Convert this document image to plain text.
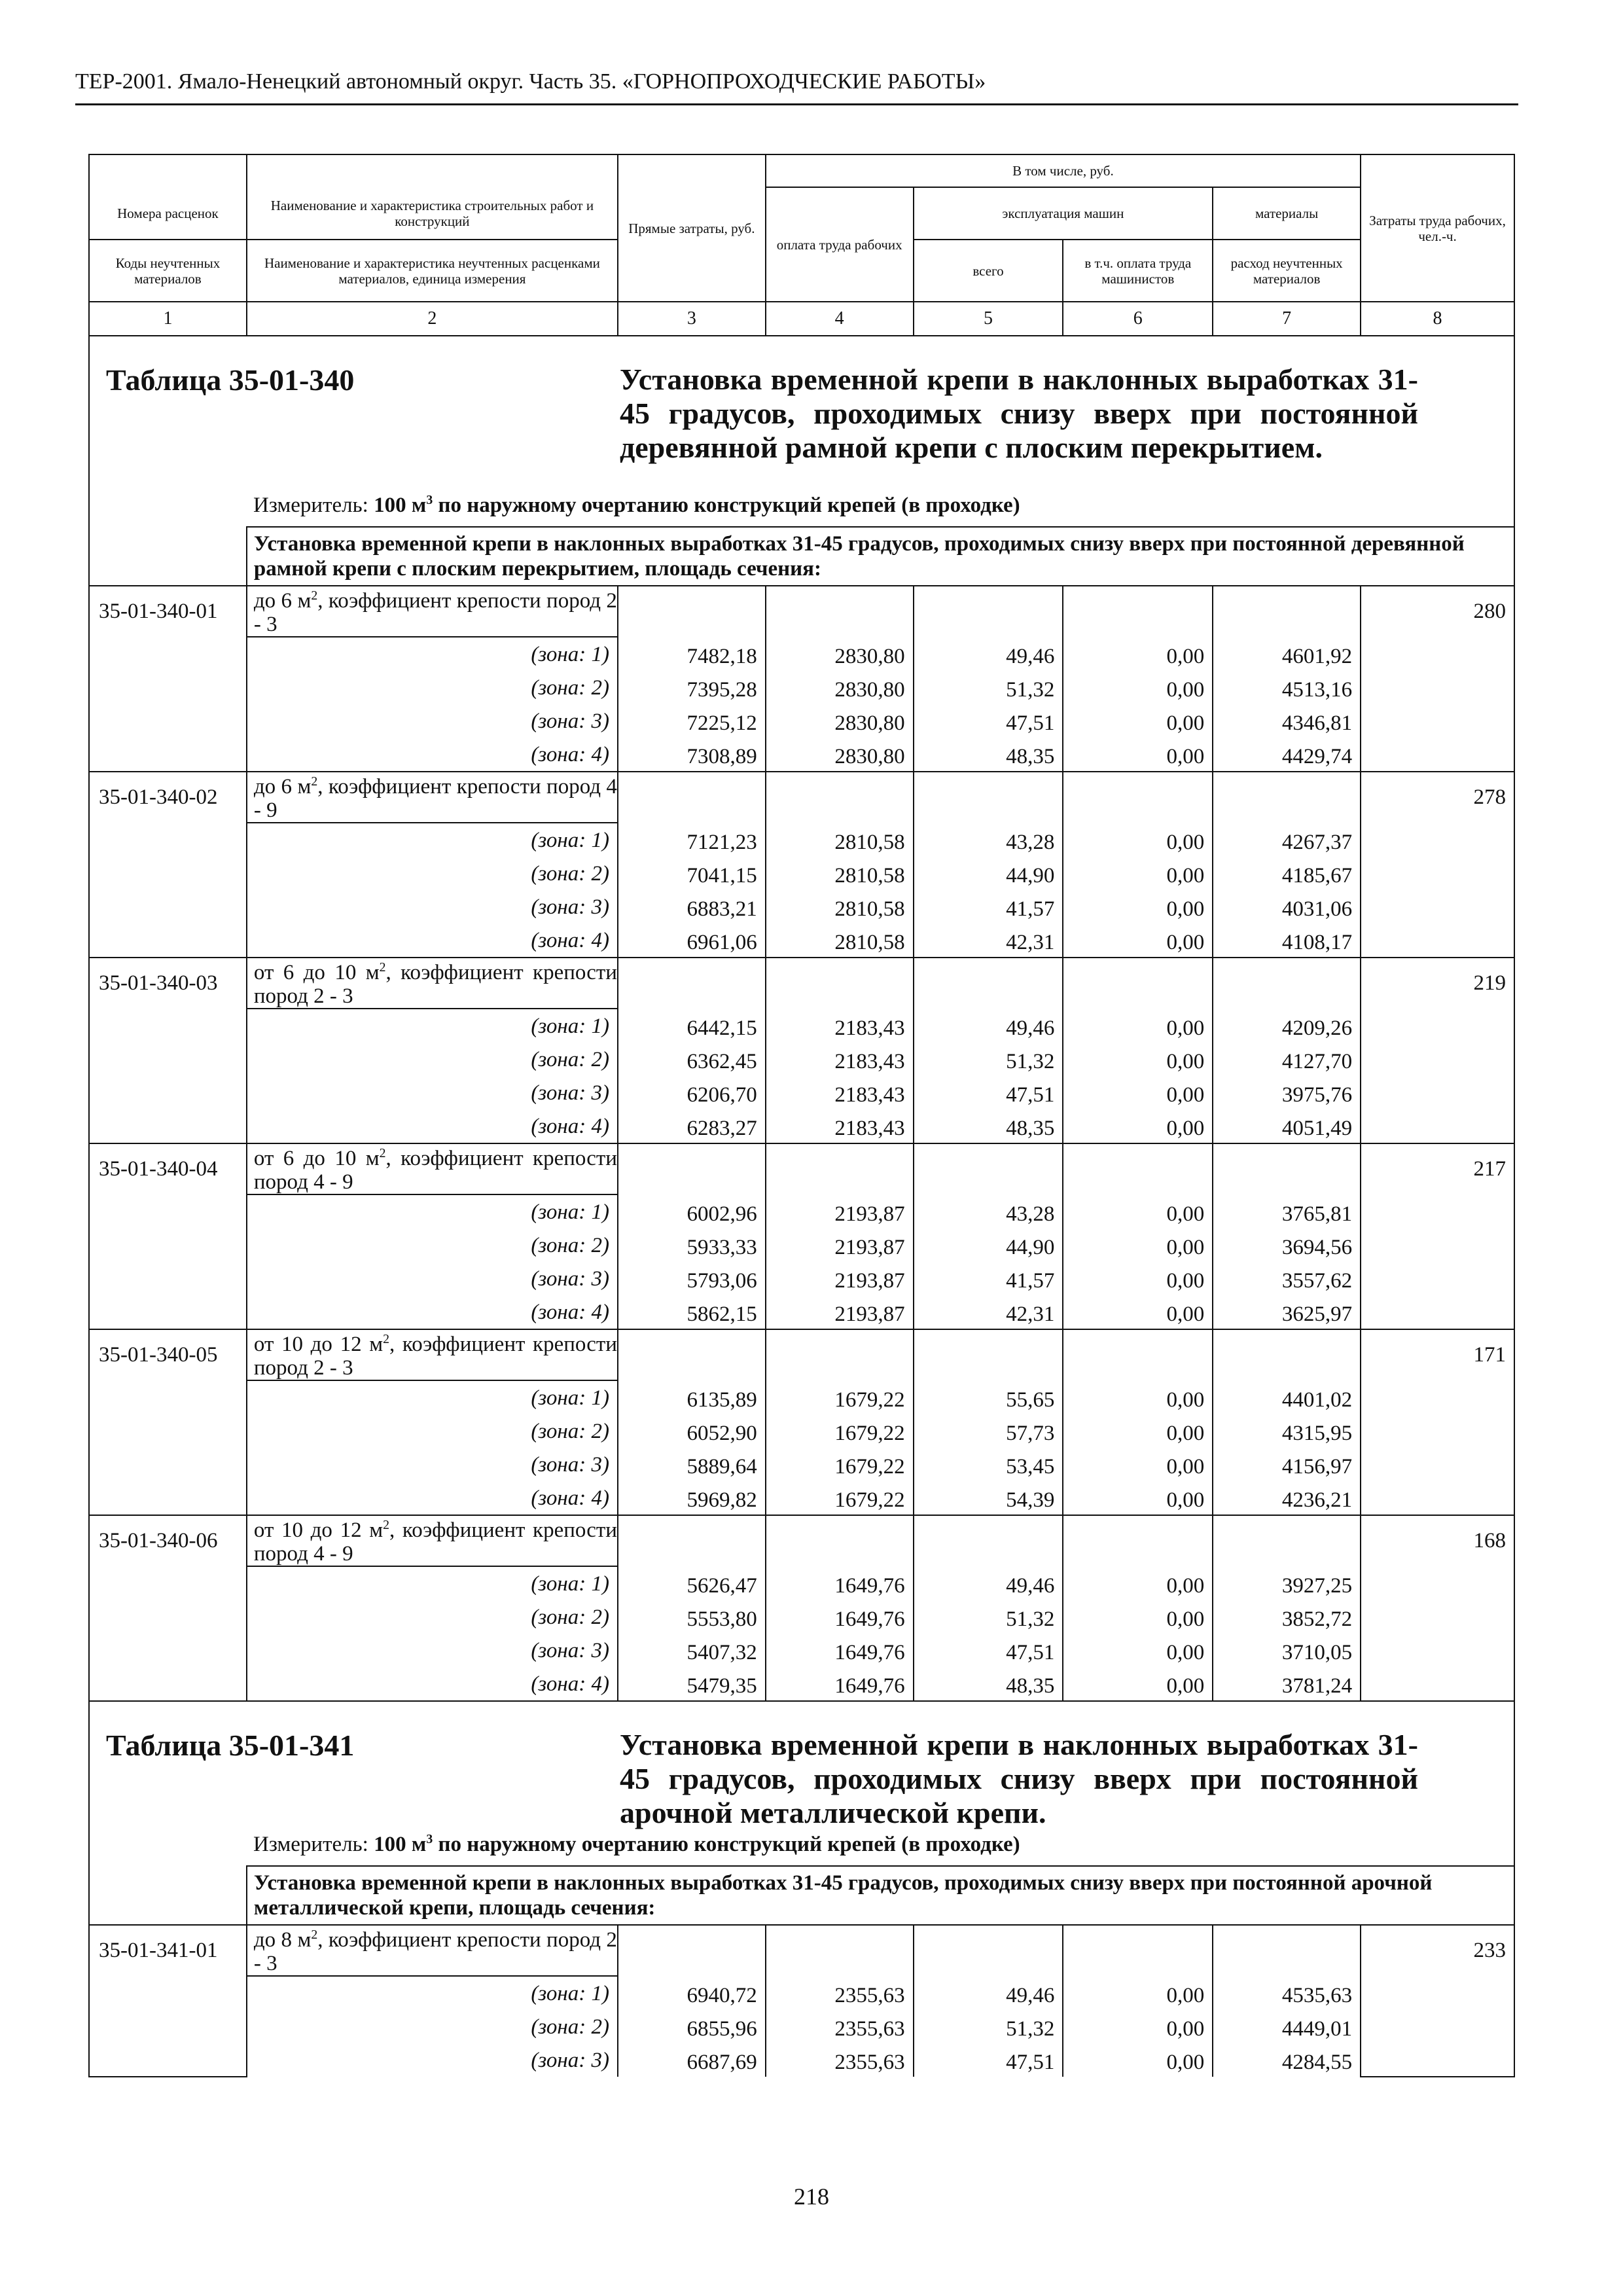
ТЕР-2001. Ямало-Ненецкий автономный округ. Часть 35. «ГОРНОПРОХОДЧЕСКИЕ РАБОТЫ»
		Прямые затраты, руб.	В том числе, руб.				Затраты труда рабочих, чел.-ч.
Номера расценок	Наименование и характеристика строительных работ и конструкций		оплата труда рабочих	эксплуатация машин		материалы	
Коды неучтенных материалов	Наименование и характеристика неучтенных расценками материалов, единица измерения			всего	в т.ч. оплата труда машинистов	расход неучтенных материалов	
1	2	3	4	5	6	7	8

Таблица 35-01-340 Установка временной крепи в наклонных выработках 31-45 градусов, проходимых снизу вверх при постоянной деревянной рамной крепи с плоским перекрытием.
Измеритель: 100 $м^3$ по наружному очертанию конструкций крепей (в проходке)							

	Установка временной крепи в наклонных выработках 31-45 градусов, проходимых снизу вверх при постоянной деревянной рамной крепи с плоским перекрытием, площадь сечения:						
35-01-340-01	до 6 $м^2$, коэффициент крепости пород 2 - 3						280
	(зона: 1)	7482,18	2830,80	49,46	0,00	4601,92	
	(зона: 2)	7395,28	2830,80	51,32	0,00	4513,16	
	(зона: 3)	7225,12	2830,80	47,51	0,00	4346,81	
	(зона: 4)	7308,89	2830,80	48,35	0,00	4429,74	
35-01-340-02	до 6 $м^2$, коэффициент крепости пород 4 - 9						278
	(зона: 1)	7121,23	2810,58	43,28	0,00	4267,37	
	(зона: 2)	7041,15	2810,58	44,90	0,00	4185,67	
	(зона: 3)	6883,21	2810,58	41,57	0,00	4031,06	
	(зона: 4)	6961,06	2810,58	42,31	0,00	4108,17	
35-01-340-03	от 6 до 10 $м^2$, коэффициент крепости пород 2 - 3						219
	(зона: 1)	6442,15	2183,43	49,46	0,00	4209,26	
	(зона: 2)	6362,45	2183,43	51,32	0,00	4127,70	
	(зона: 3)	6206,70	2183,43	47,51	0,00	3975,76	
	(зона: 4)	6283,27	2183,43	48,35	0,00	4051,49	
35-01-340-04	от 6 до 10 $м^2$, коэффициент крепости пород 4 - 9						217
	(зона: 1)	6002,96	2193,87	43,28	0,00	3765,81	
	(зона: 2)	5933,33	2193,87	44,90	0,00	3694,56	
	(зона: 3)	5793,06	2193,87	41,57	0,00	3557,62	
	(зона: 4)	5862,15	2193,87	42,31	0,00	3625,97	
35-01-340-05	от 10 до 12 $м^2$, коэффициент крепости пород 2 - 3						171
	(зона: 1)	6135,89	1679,22	55,65	0,00	4401,02	
	(зона: 2)	6052,90	1679,22	57,73	0,00	4315,95	
	(зона: 3)	5889,64	1679,22	53,45	0,00	4156,97	
	(зона: 4)	5969,82	1679,22	54,39	0,00	4236,21	
35-01-340-06	от 10 до 12 $м^2$, коэффициент крепости пород 4 - 9						168
	(зона: 1)	5626,47	1649,76	49,46	0,00	3927,25	
	(зона: 2)	5553,80	1649,76	51,32	0,00	3852,72	
	(зона: 3)	5407,32	1649,76	47,51	0,00	3710,05	
	(зона: 4)	5479,35	1649,76	48,35	0,00	3781,24	

Таблица 35-01-341 Установка временной крепи в наклонных выработках 31-45 градусов, проходимых снизу вверх при постоянной арочной металлической крепи.
Измеритель: 100 $м^3$ по наружному очертанию конструкций крепей (в проходке)							

	Установка временной крепи в наклонных выработках 31-45 градусов, проходимых снизу вверх при постоянной арочной металлической крепи, площадь сечения:						
35-01-341-01	до 8 $м^2$, коэффициент крепости пород 2 - 3						233
	(зона: 1)	6940,72	2355,63	49,46	0,00	4535,63	
	(зона: 2)	6855,96	2355,63	51,32	0,00	4449,01	
	(зона: 3)	6687,69	2355,63	47,51	0,00	4284,55	
218
